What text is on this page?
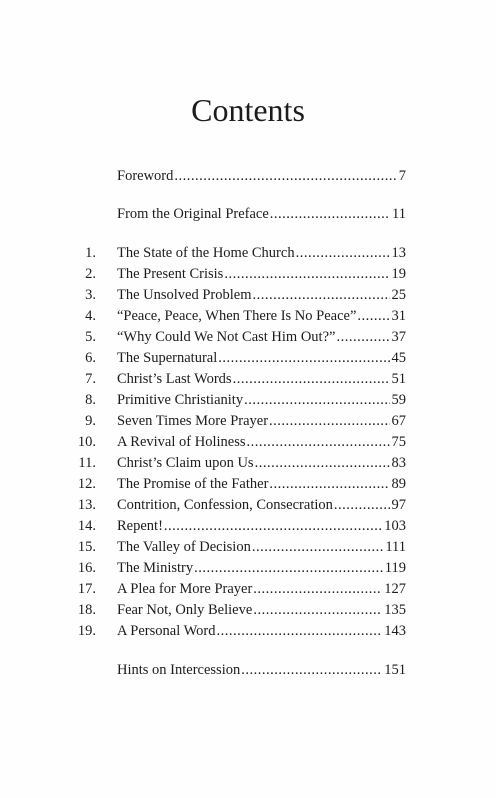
Contents
Foreword .....	7
From the Original Preface .....	11
1. The State of the Home Church .....	13
2. The Present Crisis .....	19
3. The Unsolved Problem .....	25
4. “Peace, Peace, When There Is No Peace” ..... 31
5. “Why Could We Not Cast Him Out?” .....	37
6. The Supernatural .....	45
7. Christ’s Last Words .....	51
8. Primitive Christianity .....	59
9. Seven Times More Prayer .....	67
10. A Revival of Holiness .....	75
11. Christ’s Claim upon Us .....	83
12. The Promise of the Father .....	89
13. Contrition, Confession, Consecration .....	97
14. Repent! .....	103
15. The Valley of Decision .....	111
16. The Ministry .....	119
17. A Plea for More Prayer .....	127
18. Fear Not, Only Believe .....	135
19. A Personal Word .....	143
Hints on Intercession .....	151
